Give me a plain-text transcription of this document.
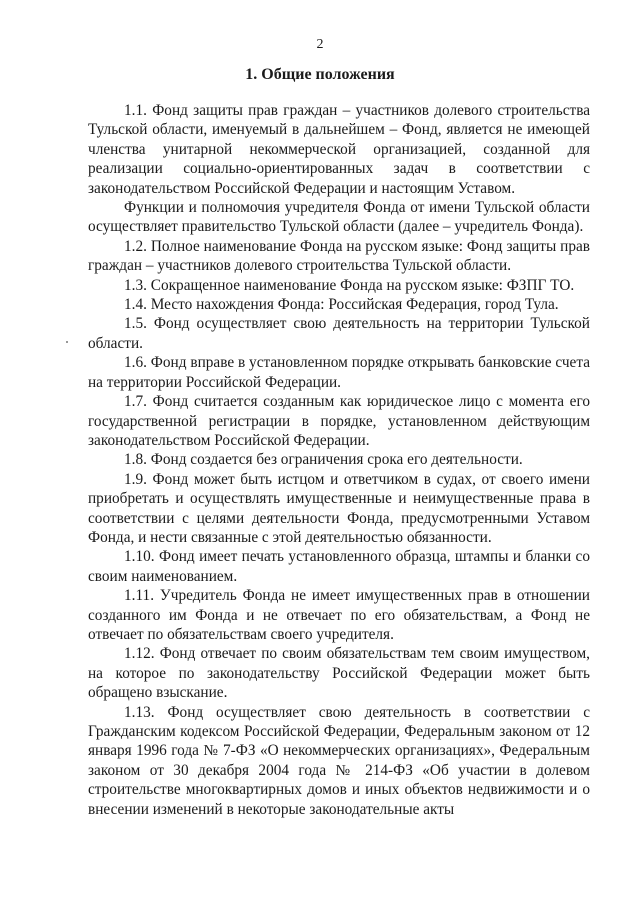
2
1. Общие положения

1.1. Фонд защиты прав граждан – участников долевого строительства Тульской области, именуемый в дальнейшем – Фонд, является не имеющей членства унитарной некоммерческой организацией, созданной для реализации социально-ориентированных задач в соответствии с законодательством Российской Федерации и настоящим Уставом.

Функции и полномочия учредителя Фонда от имени Тульской области осуществляет правительство Тульской области (далее – учредитель Фонда).

1.2. Полное наименование Фонда на русском языке: Фонд защиты прав граждан – участников долевого строительства Тульской области.

1.3. Сокращенное наименование Фонда на русском языке: ФЗПГ ТО.

1.4. Место нахождения Фонда: Российская Федерация, город Тула.

1.5. Фонд осуществляет свою деятельность на территории Тульской области.

1.6. Фонд вправе в установленном порядке открывать банковские счета на территории Российской Федерации.

1.7. Фонд считается созданным как юридическое лицо с момента его государственной регистрации в порядке, установленном действующим законодательством Российской Федерации.

1.8. Фонд создается без ограничения срока его деятельности.

1.9. Фонд может быть истцом и ответчиком в судах, от своего имени приобретать и осуществлять имущественные и неимущественные права в соответствии с целями деятельности Фонда, предусмотренными Уставом Фонда, и нести связанные с этой деятельностью обязанности.

1.10. Фонд имеет печать установленного образца, штампы и бланки со своим наименованием.

1.11. Учредитель Фонда не имеет имущественных прав в отношении созданного им Фонда и не отвечает по его обязательствам, а Фонд не отвечает по обязательствам своего учредителя.

1.12. Фонд отвечает по своим обязательствам тем своим имуществом, на которое по законодательству Российской Федерации может быть обращено взыскание.

1.13. Фонд осуществляет свою деятельность в соответствии с Гражданским кодексом Российской Федерации, Федеральным законом от 12 января 1996 года № 7-ФЗ «О некоммерческих организациях», Федеральным законом от 30 декабря 2004 года № 214-ФЗ «Об участии в долевом строительстве многоквартирных домов и иных объектов недвижимости и о внесении изменений в некоторые законодательные акты
